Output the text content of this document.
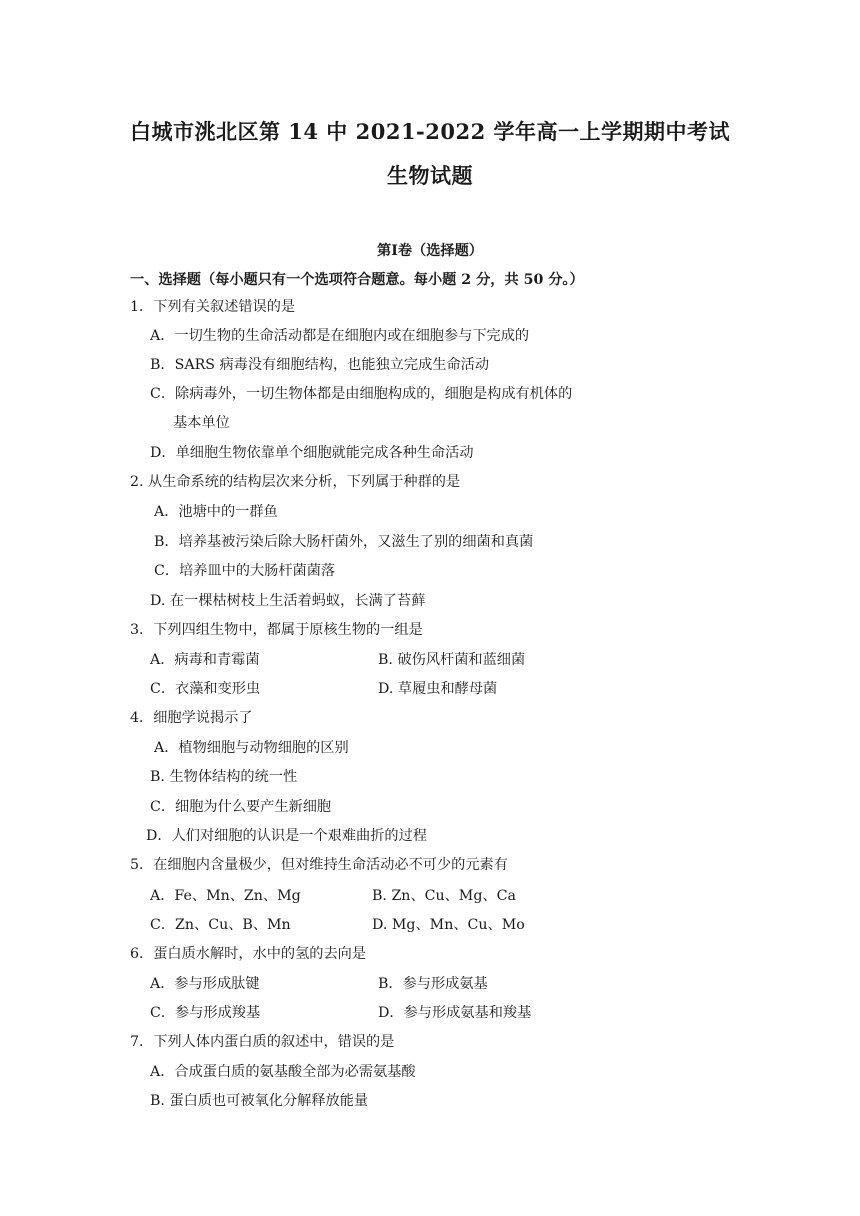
白城市洮北区第 14 中 2021-2022 学年高一上学期期中考试
生物试题
第Ⅰ卷（选择题）
一、选择题（每小题只有一个选项符合题意。每小题 2 分，共 50 分。）
1．下列有关叙述错误的是
A．一切生物的生命活动都是在细胞内或在细胞参与下完成的
B．SARS 病毒没有细胞结构，也能独立完成生命活动
C．除病毒外，一切生物体都是由细胞构成的，细胞是构成有机体的
基本单位
D．单细胞生物依靠单个细胞就能完成各种生命活动
2. 从生命系统的结构层次来分析，下列属于种群的是
A．池塘中的一群鱼
B．培养基被污染后除大肠杆菌外，又滋生了别的细菌和真菌
C．培养皿中的大肠杆菌菌落
D. 在一棵枯树枝上生活着蚂蚁，长满了苔藓
3．下列四组生物中，都属于原核生物的一组是
A．病毒和青霉菌	B. 破伤风杆菌和蓝细菌
C．衣藻和变形虫	D. 草履虫和酵母菌
4．细胞学说揭示了
A．植物细胞与动物细胞的区别
B. 生物体结构的统一性
C．细胞为什么要产生新细胞
D．人们对细胞的认识是一个艰难曲折的过程
5．在细胞内含量极少，但对维持生命活动必不可少的元素有
A．Fe、Mn、Zn、Mg	B. Zn、Cu、Mg、Ca
C．Zn、Cu、B、Mn	D. Mg、Mn、Cu、Mo
6．蛋白质水解时，水中的氢的去向是
A．参与形成肽键	B．参与形成氨基
C．参与形成羧基	D．参与形成氨基和羧基
7．下列人体内蛋白质的叙述中，错误的是
A．合成蛋白质的氨基酸全部为必需氨基酸
B. 蛋白质也可被氧化分解释放能量
